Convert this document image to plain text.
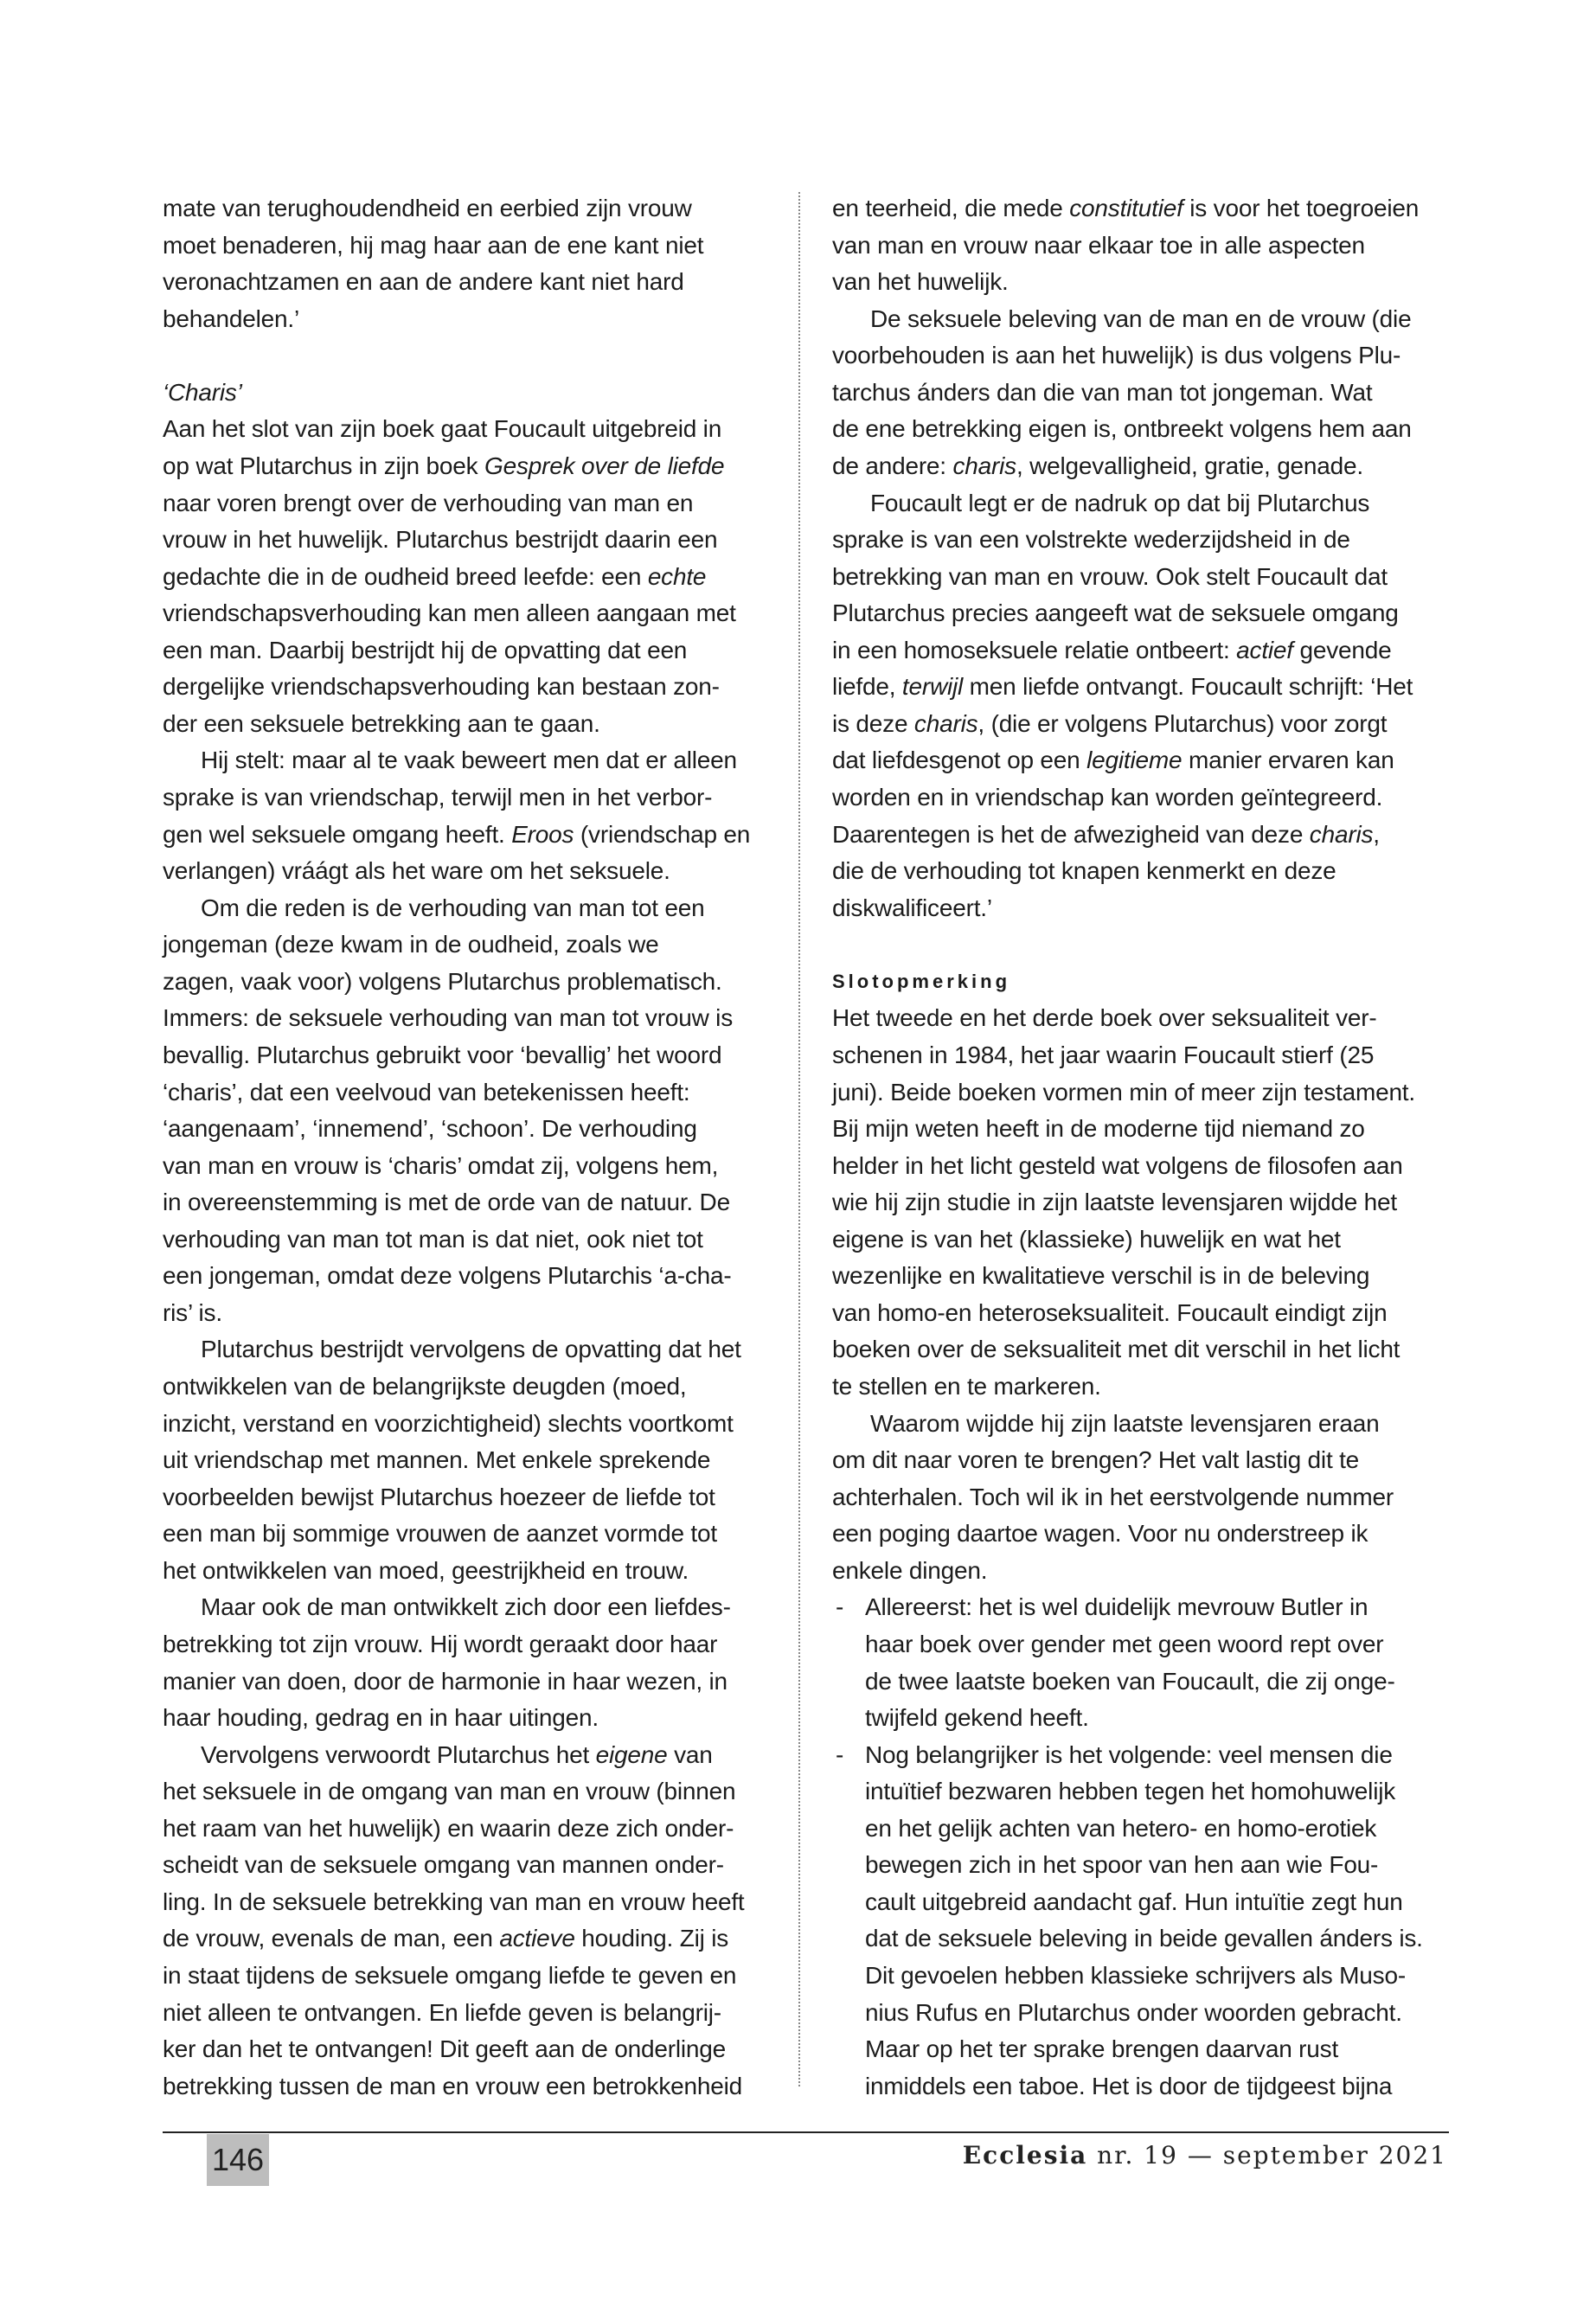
mate van terughoudendheid en eerbied zijn vrouw
moet benaderen, hij mag haar aan de ene kant niet
veronachtzamen en aan de andere kant niet hard
behandelen.’
‘Charis’
Aan het slot van zijn boek gaat Foucault uitgebreid in
op wat Plutarchus in zijn boek Gesprek over de liefde
naar voren brengt over de verhouding van man en
vrouw in het huwelijk. Plutarchus bestrijdt daarin een
gedachte die in de oudheid breed leefde: een echte
vriendschapsverhouding kan men alleen aangaan met
een man. Daarbij bestrijdt hij de opvatting dat een
dergelijke vriendschapsverhouding kan bestaan zon-
der een seksuele betrekking aan te gaan.
Hij stelt: maar al te vaak beweert men dat er alleen
sprake is van vriendschap, terwijl men in het verbor-
gen wel seksuele omgang heeft. Eroos (vriendschap en
verlangen) vráágt als het ware om het seksuele.
Om die reden is de verhouding van man tot een
jongeman (deze kwam in de oudheid, zoals we
zagen, vaak voor) volgens Plutarchus problematisch.
Immers: de seksuele verhouding van man tot vrouw is
bevallig. Plutarchus gebruikt voor ‘bevallig’ het woord
‘charis’, dat een veelvoud van betekenissen heeft:
‘aangenaam’, ‘innemend’, ‘schoon’. De verhouding
van man en vrouw is ‘charis’ omdat zij, volgens hem,
in overeenstemming is met de orde van de natuur. De
verhouding van man tot man is dat niet, ook niet tot
een jongeman, omdat deze volgens Plutarchis ‘a-cha-
ris’ is.
Plutarchus bestrijdt vervolgens de opvatting dat het
ontwikkelen van de belangrijkste deugden (moed,
inzicht, verstand en voorzichtigheid) slechts voortkomt
uit vriendschap met mannen. Met enkele sprekende
voorbeelden bewijst Plutarchus hoezeer de liefde tot
een man bij sommige vrouwen de aanzet vormde tot
het ontwikkelen van moed, geestrijkheid en trouw.
Maar ook de man ontwikkelt zich door een liefdes-
betrekking tot zijn vrouw. Hij wordt geraakt door haar
manier van doen, door de harmonie in haar wezen, in
haar houding, gedrag en in haar uitingen.
Vervolgens verwoordt Plutarchus het eigene van
het seksuele in de omgang van man en vrouw (binnen
het raam van het huwelijk) en waarin deze zich onder-
scheidt van de seksuele omgang van mannen onder-
ling. In de seksuele betrekking van man en vrouw heeft
de vrouw, evenals de man, een actieve houding. Zij is
in staat tijdens de seksuele omgang liefde te geven en
niet alleen te ontvangen. En liefde geven is belangrij-
ker dan het te ontvangen! Dit geeft aan de onderlinge
betrekking tussen de man en vrouw een betrokkenheid
en teerheid, die mede constitutief is voor het toegroeien
van man en vrouw naar elkaar toe in alle aspecten
van het huwelijk.
De seksuele beleving van de man en de vrouw (die
voorbehouden is aan het huwelijk) is dus volgens Plu-
tarchus ánders dan die van man tot jongeman. Wat
de ene betrekking eigen is, ontbreekt volgens hem aan
de andere: charis, welgevalligheid, gratie, genade.
Foucault legt er de nadruk op dat bij Plutarchus
sprake is van een volstrekte wederzijdsheid in de
betrekking van man en vrouw. Ook stelt Foucault dat
Plutarchus precies aangeeft wat de seksuele omgang
in een homoseksuele relatie ontbeert: actief gevende
liefde, terwijl men liefde ontvangt. Foucault schrijft: ‘Het
is deze charis, (die er volgens Plutarchus) voor zorgt
dat liefdesgenot op een legitieme manier ervaren kan
worden en in vriendschap kan worden geïntegreerd.
Daarentegen is het de afwezigheid van deze charis,
die de verhouding tot knapen kenmerkt en deze
diskwalificeert.’
Slotopmerking
Het tweede en het derde boek over seksualiteit ver-
schenen in 1984, het jaar waarin Foucault stierf (25
juni). Beide boeken vormen min of meer zijn testament.
Bij mijn weten heeft in de moderne tijd niemand zo
helder in het licht gesteld wat volgens de filosofen aan
wie hij zijn studie in zijn laatste levensjaren wijdde het
eigene is van het (klassieke) huwelijk en wat het
wezenlijke en kwalitatieve verschil is in de beleving
van homo-en heteroseksualiteit. Foucault eindigt zijn
boeken over de seksualiteit met dit verschil in het licht
te stellen en te markeren.
Waarom wijdde hij zijn laatste levensjaren eraan
om dit naar voren te brengen? Het valt lastig dit te
achterhalen. Toch wil ik in het eerstvolgende nummer
een poging daartoe wagen. Voor nu onderstreep ik
enkele dingen.
- Allereerst: het is wel duidelijk mevrouw Butler in
haar boek over gender met geen woord rept over
de twee laatste boeken van Foucault, die zij onge-
twijfeld gekend heeft.
- Nog belangrijker is het volgende: veel mensen die
intuïtief bezwaren hebben tegen het homohuwelijk
en het gelijk achten van hetero- en homo-erotiek
bewegen zich in het spoor van hen aan wie Fou-
cault uitgebreid aandacht gaf. Hun intuïtie zegt hun
dat de seksuele beleving in beide gevallen ánders is.
Dit gevoelen hebben klassieke schrijvers als Muso-
nius Rufus en Plutarchus onder woorden gebracht.
Maar op het ter sprake brengen daarvan rust
inmiddels een taboe. Het is door de tijdgeest bijna
146	Ecclesia nr. 19 — september 2021
